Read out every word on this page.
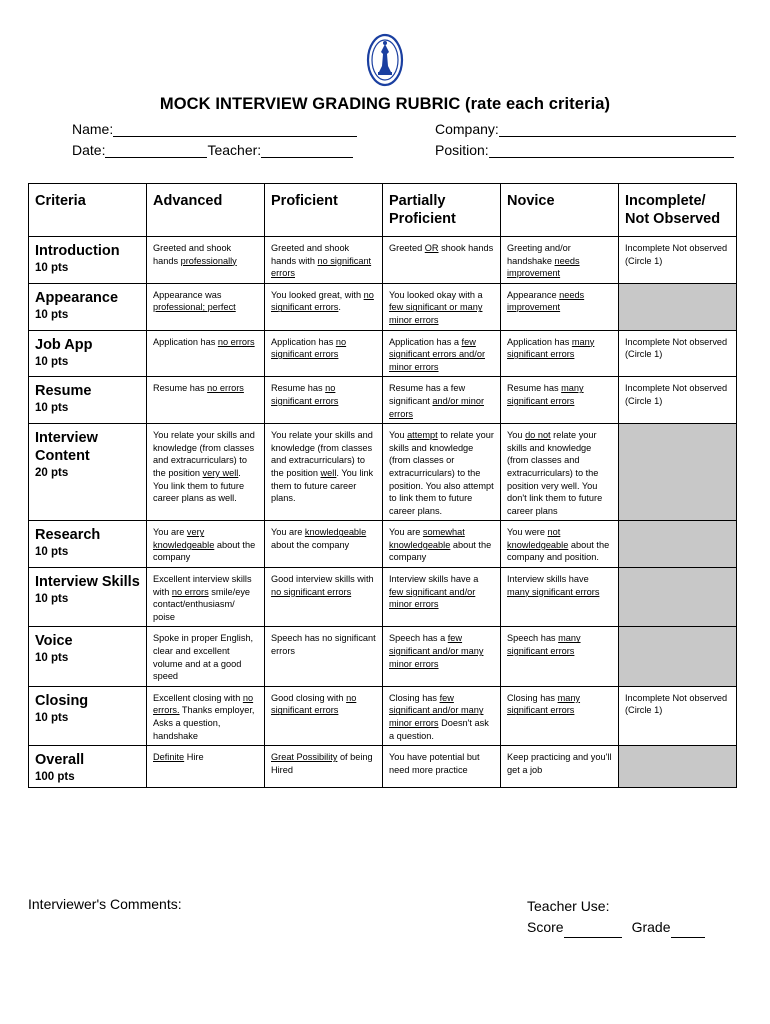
MOCK INTERVIEW GRADING RUBRIC (rate each criteria)
Name:
Date:	Teacher:
Company:
Position:
Criteria	Advanced	Proficient	Partially Proficient	Novice	Incomplete/ Not Observed

Introduction
10 pts	Greeted and shook hands professionally	Greeted and shook hands with no significant errors	Greeted OR shook hands	Greeting and/or handshake needs improvement	Incomplete Not observed (Circle 1)

Appearance
10 pts	Appearance was professional; perfect	You looked great, with no significant errors.	You looked okay with a few significant or many minor errors	Appearance needs improvement	

Job App
10 pts	Application has no errors	Application has no significant errors	Application has a few significant errors and/or minor errors	Application has many significant errors	Incomplete Not observed (Circle 1)

Resume
10 pts	Resume has no errors	Resume has no significant errors	Resume has a few significant and/or minor errors	Resume has many significant errors	Incomplete Not observed (Circle 1)

Interview Content
20 pts	You relate your skills and knowledge (from classes and extracurriculars) to the position very well. You link them to future career plans as well.	You relate your skills and knowledge (from classes and extracurriculars) to the position well. You link them to future career plans.	You attempt to relate your skills and knowledge (from classes or extracurriculars) to the position. You also attempt to link them to future career plans.	You do not relate your skills and knowledge (from classes and extracurriculars) to the position very well. You don't link them to future career plans	

Research
10 pts	You are very knowledgeable about the company	You are knowledgeable about the company	You are somewhat knowledgeable about the company	You were not knowledgeable about the company and position.	

Interview Skills
10 pts	Excellent interview skills with no errors smile/eye contact/enthusiasm/ poise	Good interview skills with no significant errors	Interview skills have a few significant and/or minor errors	Interview skills have many significant errors	

Voice
10 pts	Spoke in proper English, clear and excellent volume and at a good speed	Speech has no significant errors	Speech has a few significant and/or many minor errors	Speech has many significant errors	

Closing
10 pts	Excellent closing with no errors. Thanks employer, Asks a question, handshake	Good closing with no significant errors	Closing has few significant and/or many minor errors Doesn't ask a question.	Closing has many significant errors	Incomplete Not observed (Circle 1)

Overall
100 pts	Definite Hire	Great Possibility of being Hired	You have potential but need more practice	Keep practicing and you'll get a job	
Interviewer's Comments:	Teacher Use:
Score	Grade
